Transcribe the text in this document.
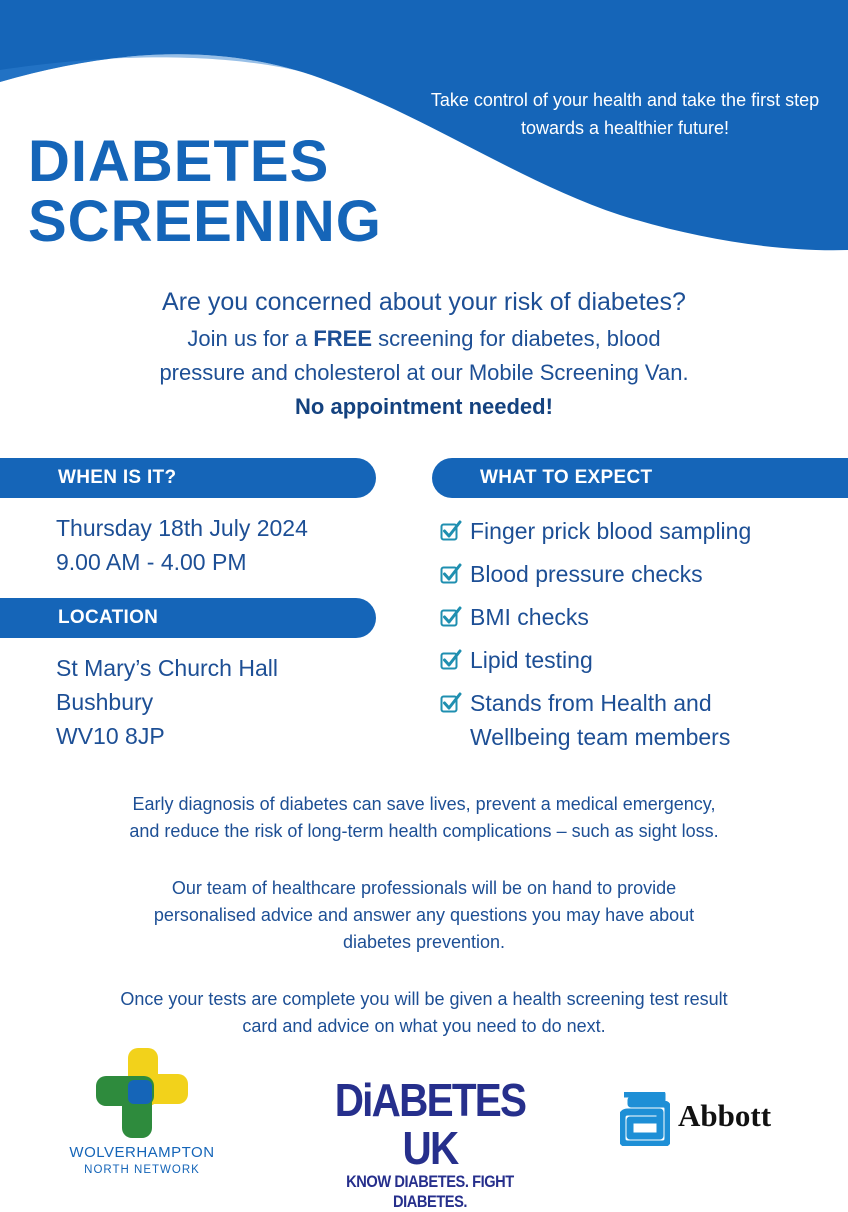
Take control of your health and take the first step towards a healthier future!
DIABETES
SCREENING
Are you concerned about your risk of diabetes?
Join us for a FREE screening for diabetes, blood
pressure and cholesterol at our Mobile Screening Van.
No appointment needed!
WHEN IS IT?	WHAT TO EXPECT
LOCATION
Thursday 18th July 2024
9.00 AM - 4.00 PM
St Mary’s Church Hall
Bushbury
WV10 8JP
Finger prick blood sampling
Blood pressure checks
BMI checks
Lipid testing
Stands from Health and
Wellbeing team members
Early diagnosis of diabetes can save lives, prevent a medical emergency,
and reduce the risk of long-term health complications – such as sight loss.
Our team of healthcare professionals will be on hand to provide
personalised advice and answer any questions you may have about
diabetes prevention.
Once your tests are complete you will be given a health screening test result
card and advice on what you need to do next.
WOLVERHAMPTON
NORTH NETWORK
DiABETES UK
KNOW DIABETES. FIGHT DIABETES.
Abbott
